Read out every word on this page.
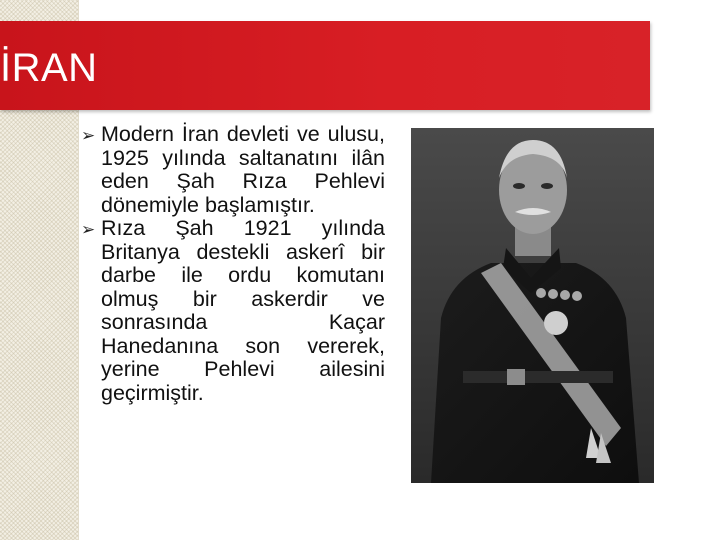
İRAN

➢ Modern İran devleti ve ulusu, 1925 yılında saltanatını ilân eden Şah Rıza Pehlevi dönemiyle başlamıştır.

➢ Rıza Şah 1921 yılında Britanya destekli askerî bir darbe ile ordu komutanı olmuş bir askerdir ve sonrasında Kaçar Hanedanına son vererek, yerine Pehlevi ailesini geçirmiştir.
